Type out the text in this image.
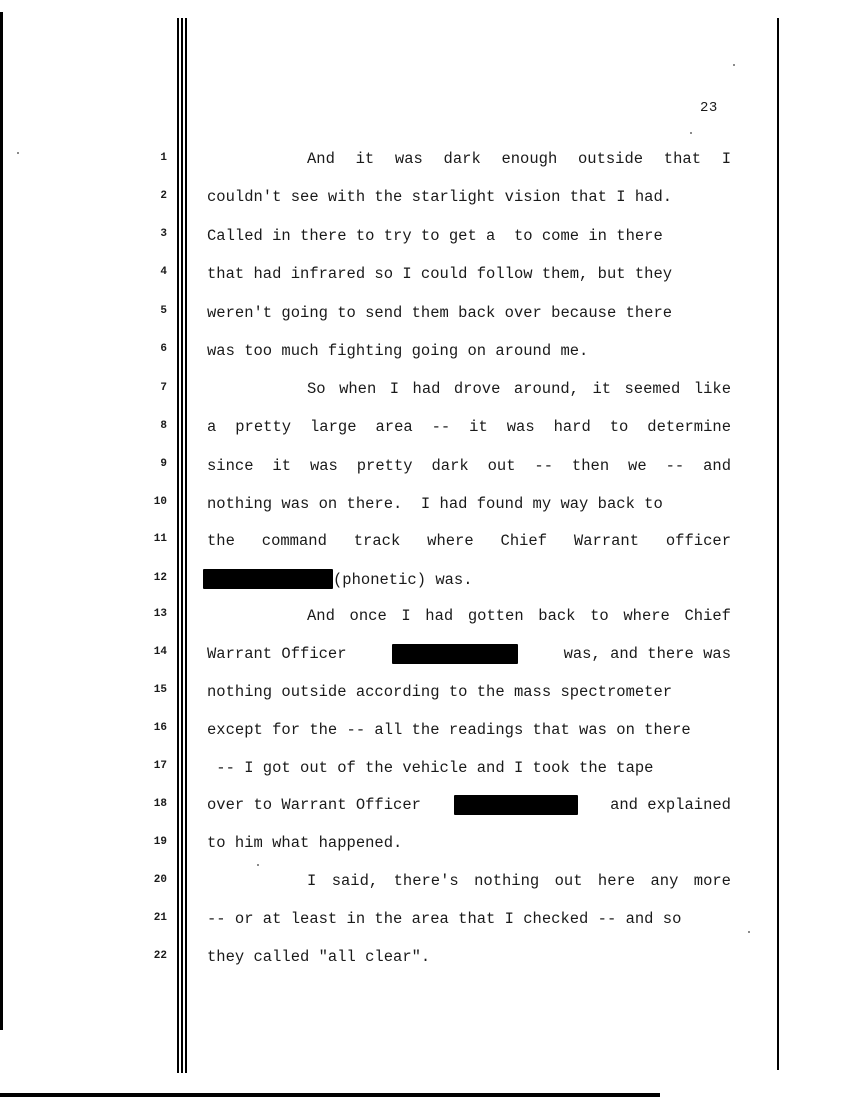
23
1	And it was dark enough outside that I
2	couldn't see with the starlight vision that I had.
3	Called in there to try to get a  to come in there
4	that had infrared so I could follow them, but they
5	weren't going to send them back over because there
6	was too much fighting going on around me.
7	So when I had drove around, it seemed like
8	a pretty large area -- it was hard to determine
9	since it was pretty dark out -- then we -- and
10	nothing was on there.  I had found my way back to
11	the command track where Chief Warrant officer
12	(phonetic) was.
13	And once I had gotten back to where Chief
14	Warrant Officer	was, and there was
15	nothing outside according to the mass spectrometer
16	except for the -- all the readings that was on there
17	-- I got out of the vehicle and I took the tape
18	over to Warrant Officer	and explained
19	to him what happened.
20	I said, there's nothing out here any more
21	-- or at least in the area that I checked -- and so
22	they called "all clear".
